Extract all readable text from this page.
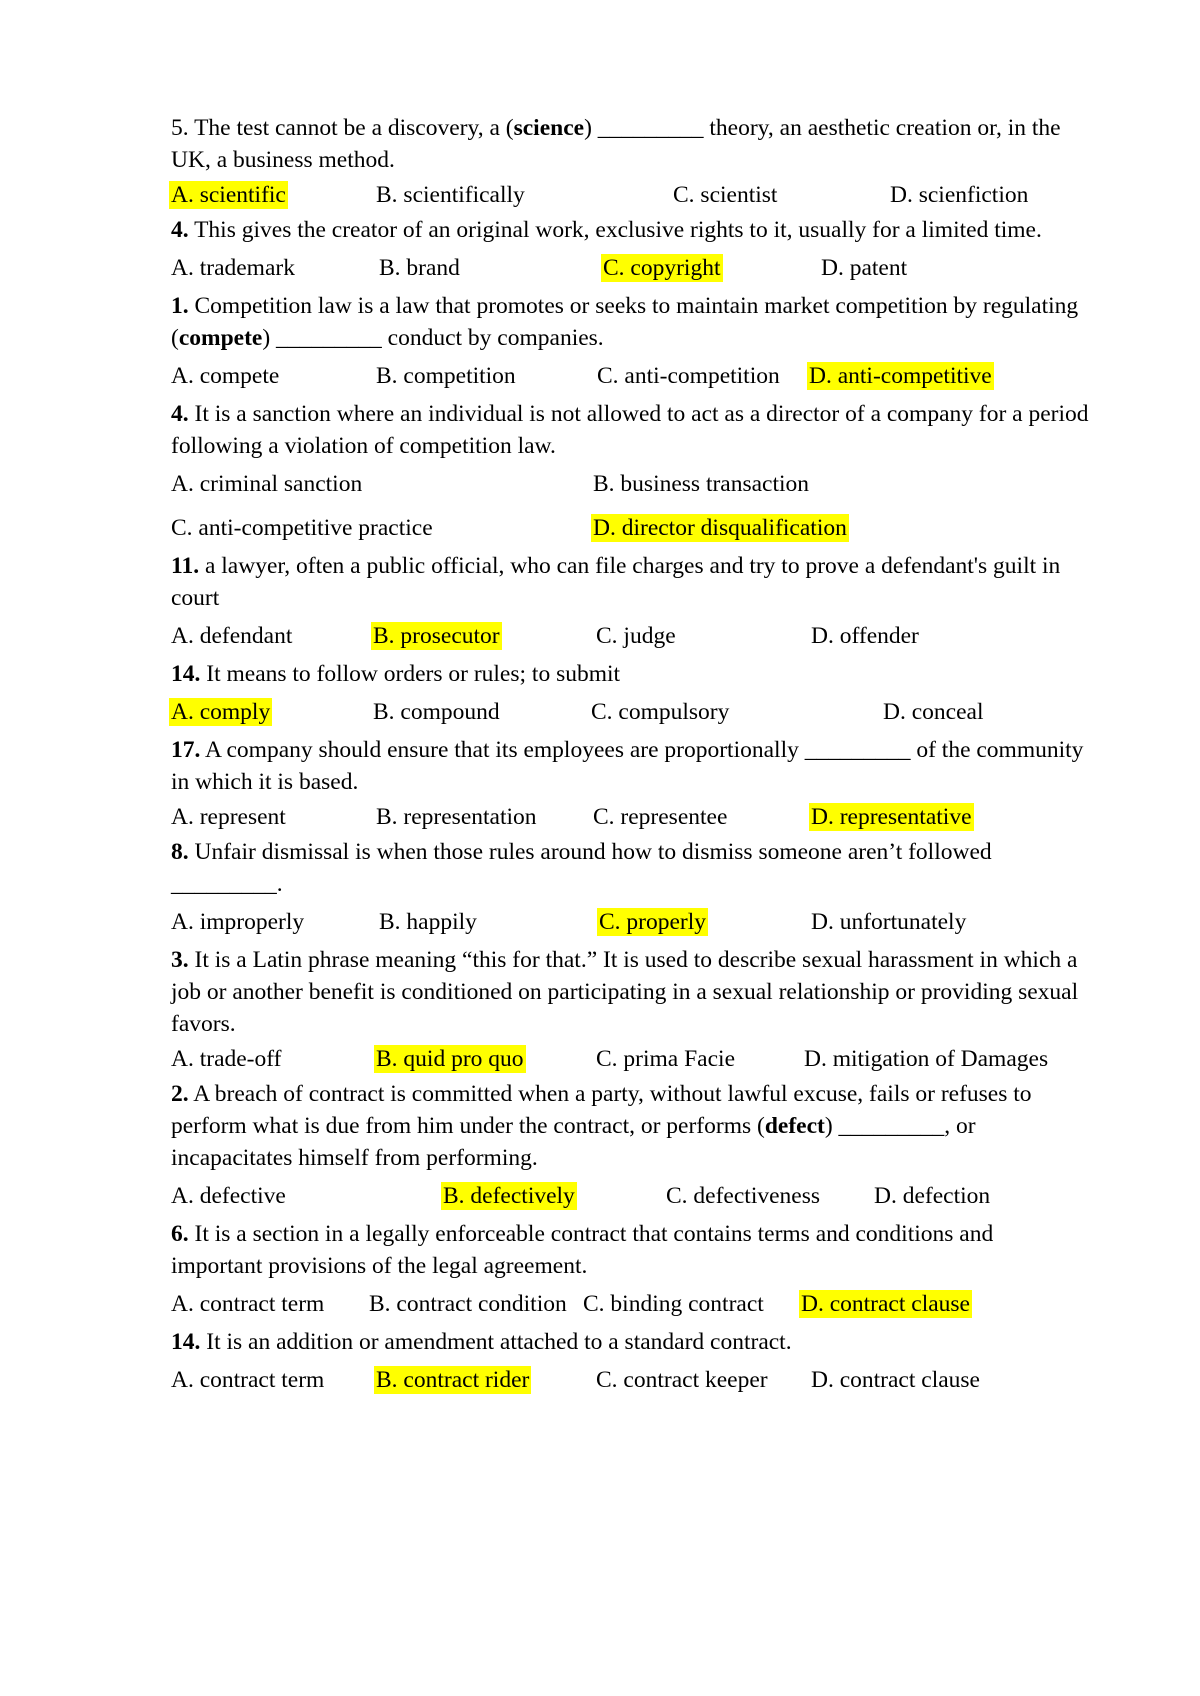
5. The test cannot be a discovery, a (science) _________ theory, an aesthetic creation or, in the UK, a business method.

A. scientific	B. scientifically	C. scientist	D. scienfiction

4. This gives the creator of an original work, exclusive rights to it, usually for a limited time.

A. trademark	B. brand	C. copyright	D. patent

1. Competition law is a law that promotes or seeks to maintain market competition by regulating (compete) _________ conduct by companies.

A. compete	B. competition	C. anti-competition D. anti-competitive

4. It is a sanction where an individual is not allowed to act as a director of a company for a period following a violation of competition law.

A. criminal sanction	B. business transaction
C. anti-competitive practice	D. director disqualification

11. a lawyer, often a public official, who can file charges and try to prove a defendant's guilt in court

A. defendant	B. prosecutor	C. judge	D. offender

14. It means to follow orders or rules; to submit

A. comply	B. compound	C. compulsory	D. conceal

17. A company should ensure that its employees are proportionally _________ of the community in which it is based.

A. represent	B. representation C. representee	D. representative

8. Unfair dismissal is when those rules around how to dismiss someone aren’t followed _________.

A. improperly	B. happily	C. properly	D. unfortunately

3. It is a Latin phrase meaning “this for that.” It is used to describe sexual harassment in which a job or another benefit is conditioned on participating in a sexual relationship or providing sexual favors.

A. trade-off	B. quid pro quo	C. prima Facie	D. mitigation of Damages

2. A breach of contract is committed when a party, without lawful excuse, fails or refuses to perform what is due from him under the contract, or performs (defect) _________, or incapacitates himself from performing.

A. defective	B. defectively	C. defectiveness D. defection

6. It is a section in a legally enforceable contract that contains terms and conditions and important provisions of the legal agreement.

A. contract term B. contract condition C. binding contract D. contract clause

14. It is an addition or amendment attached to a standard contract.

A. contract term B. contract rider	C. contract keeper D. contract clause
